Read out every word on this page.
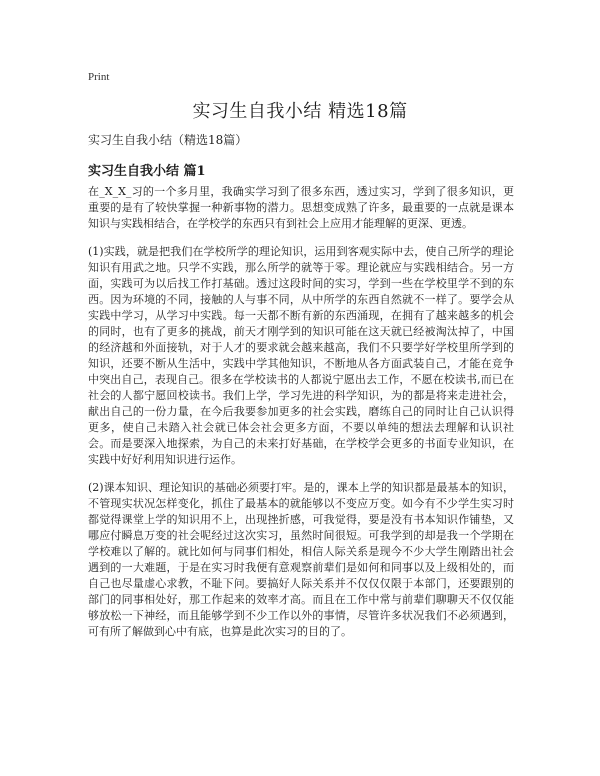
Print
实习生自我小结 精选18篇
实习生自我小结（精选18篇）
实习生自我小结 篇1

在_X_X_习的一个多月里，我确实学习到了很多东西，透过实习，学到了很多知识，更重要的是有了较快掌握一种新事物的潜力。思想变成熟了许多，最重要的一点就是课本知识与实践相结合，在学校学的东西只有到社会上应用才能理解的更深、更透。

(1)实践，就是把我们在学校所学的理论知识，运用到客观实际中去，使自己所学的理论知识有用武之地。只学不实践，那么所学的就等于零。理论就应与实践相结合。另一方面，实践可为以后找工作打基础。透过这段时间的实习，学到一些在学校里学不到的东西。因为环境的不同，接触的人与事不同，从中所学的东西自然就不一样了。要学会从实践中学习，从学习中实践。每一天都不断有新的东西涌现，在拥有了越来越多的机会的同时，也有了更多的挑战，前天才刚学到的知识可能在这天就已经被淘汰掉了，中国的经济越和外面接轨，对于人才的要求就会越来越高，我们不只要学好学校里所学到的知识，还要不断从生活中，实践中学其他知识，不断地从各方面武装自己，才能在竞争中突出自己，表现自己。很多在学校读书的人都说宁愿出去工作，不愿在校读书,而已在社会的人都宁愿回校读书。我们上学，学习先进的科学知识，为的都是将来走进社会，献出自己的一份力量，在今后我要参加更多的社会实践，磨练自己的同时让自己认识得更多，使自己未踏入社会就已体会社会更多方面，不要以单纯的想法去理解和认识社会。而是要深入地探索，为自己的未来打好基础，在学校学会更多的书面专业知识，在实践中好好利用知识进行运作。

(2)课本知识、理论知识的基础必须要打牢。是的，课本上学的知识都是最基本的知识，不管现实状况怎样变化，抓住了最基本的就能够以不变应万变。如今有不少学生实习时都觉得课堂上学的知识用不上，出现挫折感，可我觉得，要是没有书本知识作铺垫，又哪应付瞬息万变的社会呢经过这次实习，虽然时间很短。可我学到的却是我一个学期在学校难以了解的。就比如何与同事们相处，相信人际关系是现今不少大学生刚踏出社会遇到的一大难题，于是在实习时我便有意观察前辈们是如何和同事以及上级相处的，而自己也尽量虚心求教，不耻下问。要搞好人际关系并不仅仅仅限于本部门，还要跟别的部门的同事相处好，那工作起来的效率才高。而且在工作中常与前辈们聊聊天不仅仅能够放松一下神经，而且能够学到不少工作以外的事情，尽管许多状况我们不必须遇到，可有所了解做到心中有底，也算是此次实习的目的了。
